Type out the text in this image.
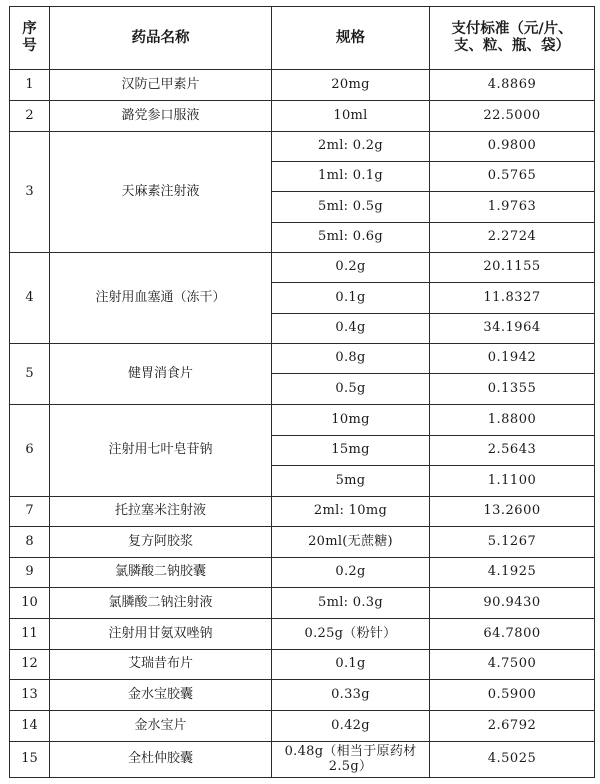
序号	药品名称	规格	支付标准（元/片、支、粒、瓶、袋）
1	汉防己甲素片	20mg	4.8869
2	潞党参口服液	10ml	22.5000
3	天麻素注射液	2ml: 0.2g	0.9800
		1ml: 0.1g	0.5765
		5ml: 0.5g	1.9763
		5ml: 0.6g	2.2724
4	注射用血塞通（冻干）	0.2g	20.1155
		0.1g	11.8327
		0.4g	34.1964
5	健胃消食片	0.8g	0.1942
		0.5g	0.1355
6	注射用七叶皂苷钠	10mg	1.8800
		15mg	2.5643
		5mg	1.1100
7	托拉塞米注射液	2ml: 10mg	13.2600
8	复方阿胶浆	20ml(无蔗糖)	5.1267
9	氯膦酸二钠胶囊	0.2g	4.1925
10	氯膦酸二钠注射液	5ml: 0.3g	90.9430
11	注射用甘氨双唑钠	0.25g（粉针）	64.7800
12	艾瑞昔布片	0.1g	4.7500
13	金水宝胶囊	0.33g	0.5900
14	金水宝片	0.42g	2.6792
15	全杜仲胶囊	0.48g（相当于原药材2.5g）	4.5025
